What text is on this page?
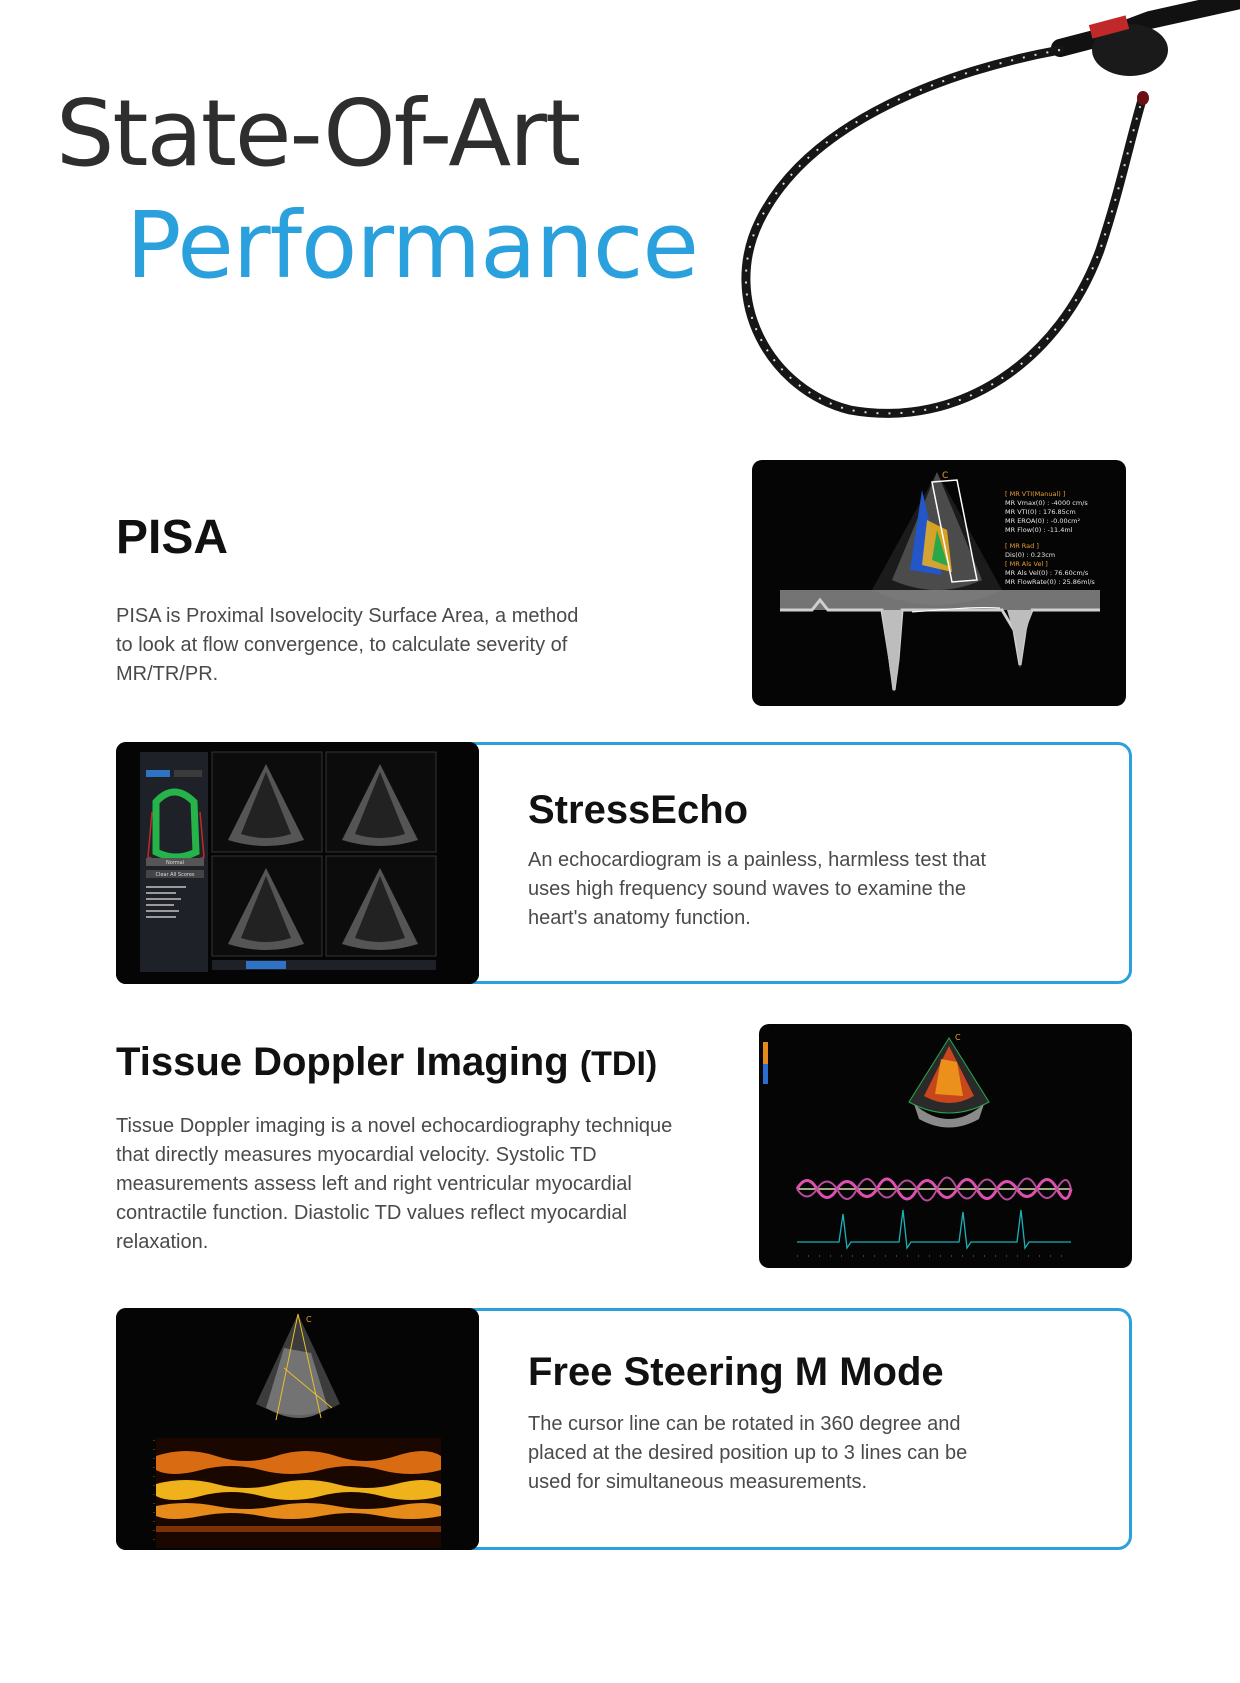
State-Of-Art
Performance
PISA
PISA is Proximal Isovelocity Surface Area, a method to look at flow convergence, to calculate severity of MR/TR/PR.
C
[ MR VTI(Manual) ]
MR Vmax(0) : -4000 cm/s
MR VTI(0) : 176.85cm
MR EROA(0) : -0.00cm²
MR Flow(0) : -11.4ml
[ MR Rad ]
Dis(0) : 0.23cm
[ MR Als Vel ]
MR Als Vel(0) : 76.60cm/s
MR FlowRate(0) : 25.86ml/s
Normal
Clear All Scores
StressEcho
An echocardiogram is a painless, harmless test that uses high frequency sound waves to examine the heart's anatomy function.
Tissue Doppler Imaging (TDI)
Tissue Doppler imaging is a novel echocardiography technique that directly measures myocardial velocity. Systolic TD measurements assess left and right ventricular myocardial contractile function. Diastolic TD values reflect myocardial relaxation.
C
C
Free Steering M Mode
The cursor line can be rotated in 360 degree and placed at the desired position up to 3 lines can be used for simultaneous measurements.
